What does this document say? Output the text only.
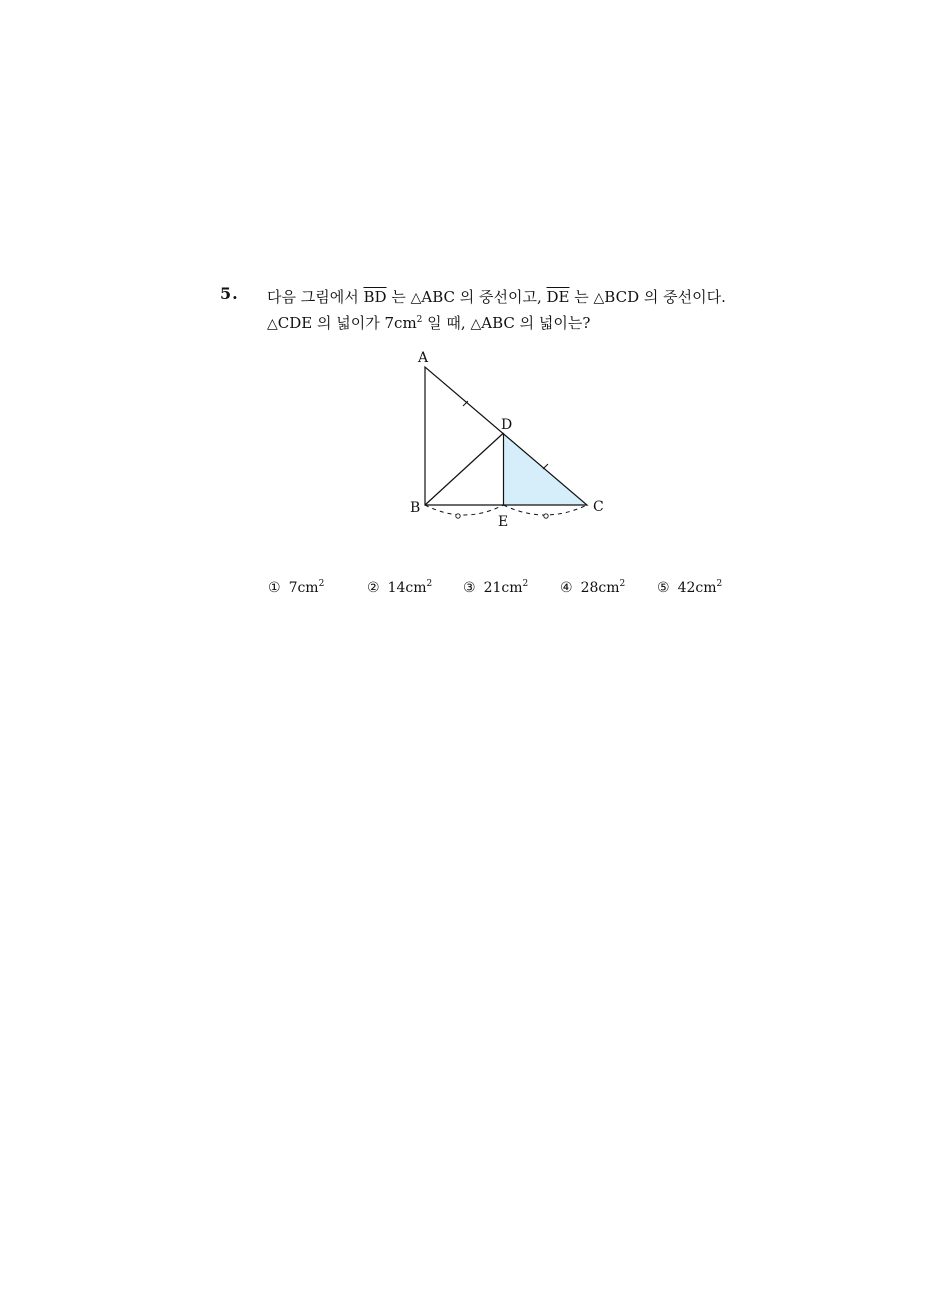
5. 다음 그림에서 $\overline{BD}$ 는 △ABC 의 중선이고, $\overline{DE}$ 는 △BCD 의 중선이다.
△CDE 의 넓이가 $7cm^2$ 일 때, △ABC 의 넓이는?
A
D
B	C
E
① $7cm^2$	② $14cm^2$ ③ $21cm^2$ ④ $28cm^2$ ⑤ $42cm^2$
